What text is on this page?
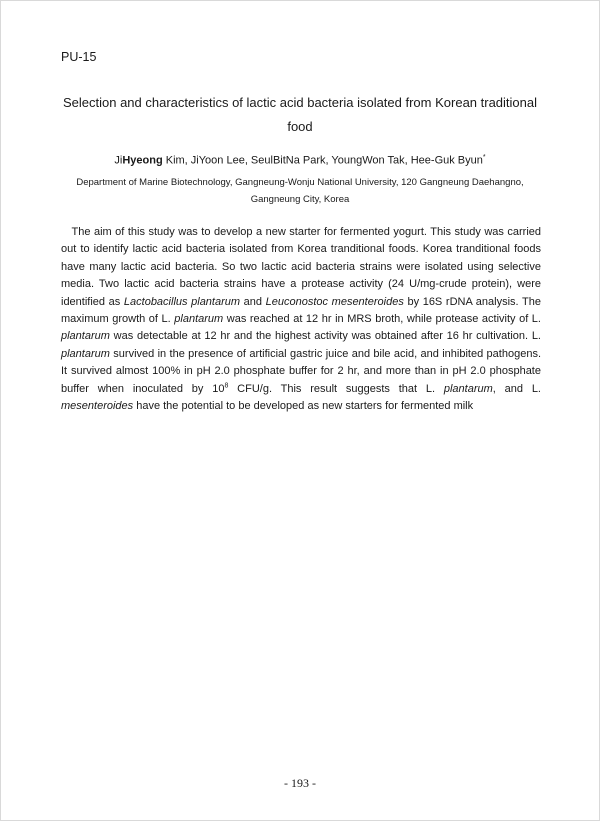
PU-15
Selection and characteristics of lactic acid bacteria isolated from Korean traditional
food
JiHyeong Kim, JiYoon Lee, SeulBitNa Park, YoungWon Tak, Hee-Guk Byun*
Department of Marine Biotechnology, Gangneung-Wonju National University, 120 Gangneung Daehangno,
Gangneung City, Korea
The aim of this study was to develop a new starter for fermented yogurt. This study was carried out to identify lactic acid bacteria isolated from Korea tranditional foods. Korea tranditional foods have many lactic acid bacteria. So two lactic acid bacteria strains were isolated using selective media. Two lactic acid bacteria strains have a protease activity (24 U/mg-crude protein), were identified as Lactobacillus plantarum and Leuconostoc mesenteroides by 16S rDNA analysis. The maximum growth of L. plantarum was reached at 12 hr in MRS broth, while protease activity of L. plantarum was detectable at 12 hr and the highest activity was obtained after 16 hr cultivation. L. plantarum survived in the presence of artificial gastric juice and bile acid, and inhibited pathogens. It survived almost 100% in pH 2.0 phosphate buffer for 2 hr, and more than in pH 2.0 phosphate buffer when inoculated by $10^8$ CFU/g. This result suggests that L. plantarum, and L. mesenteroides have the potential to be developed as new starters for fermented milk
- 193 -
